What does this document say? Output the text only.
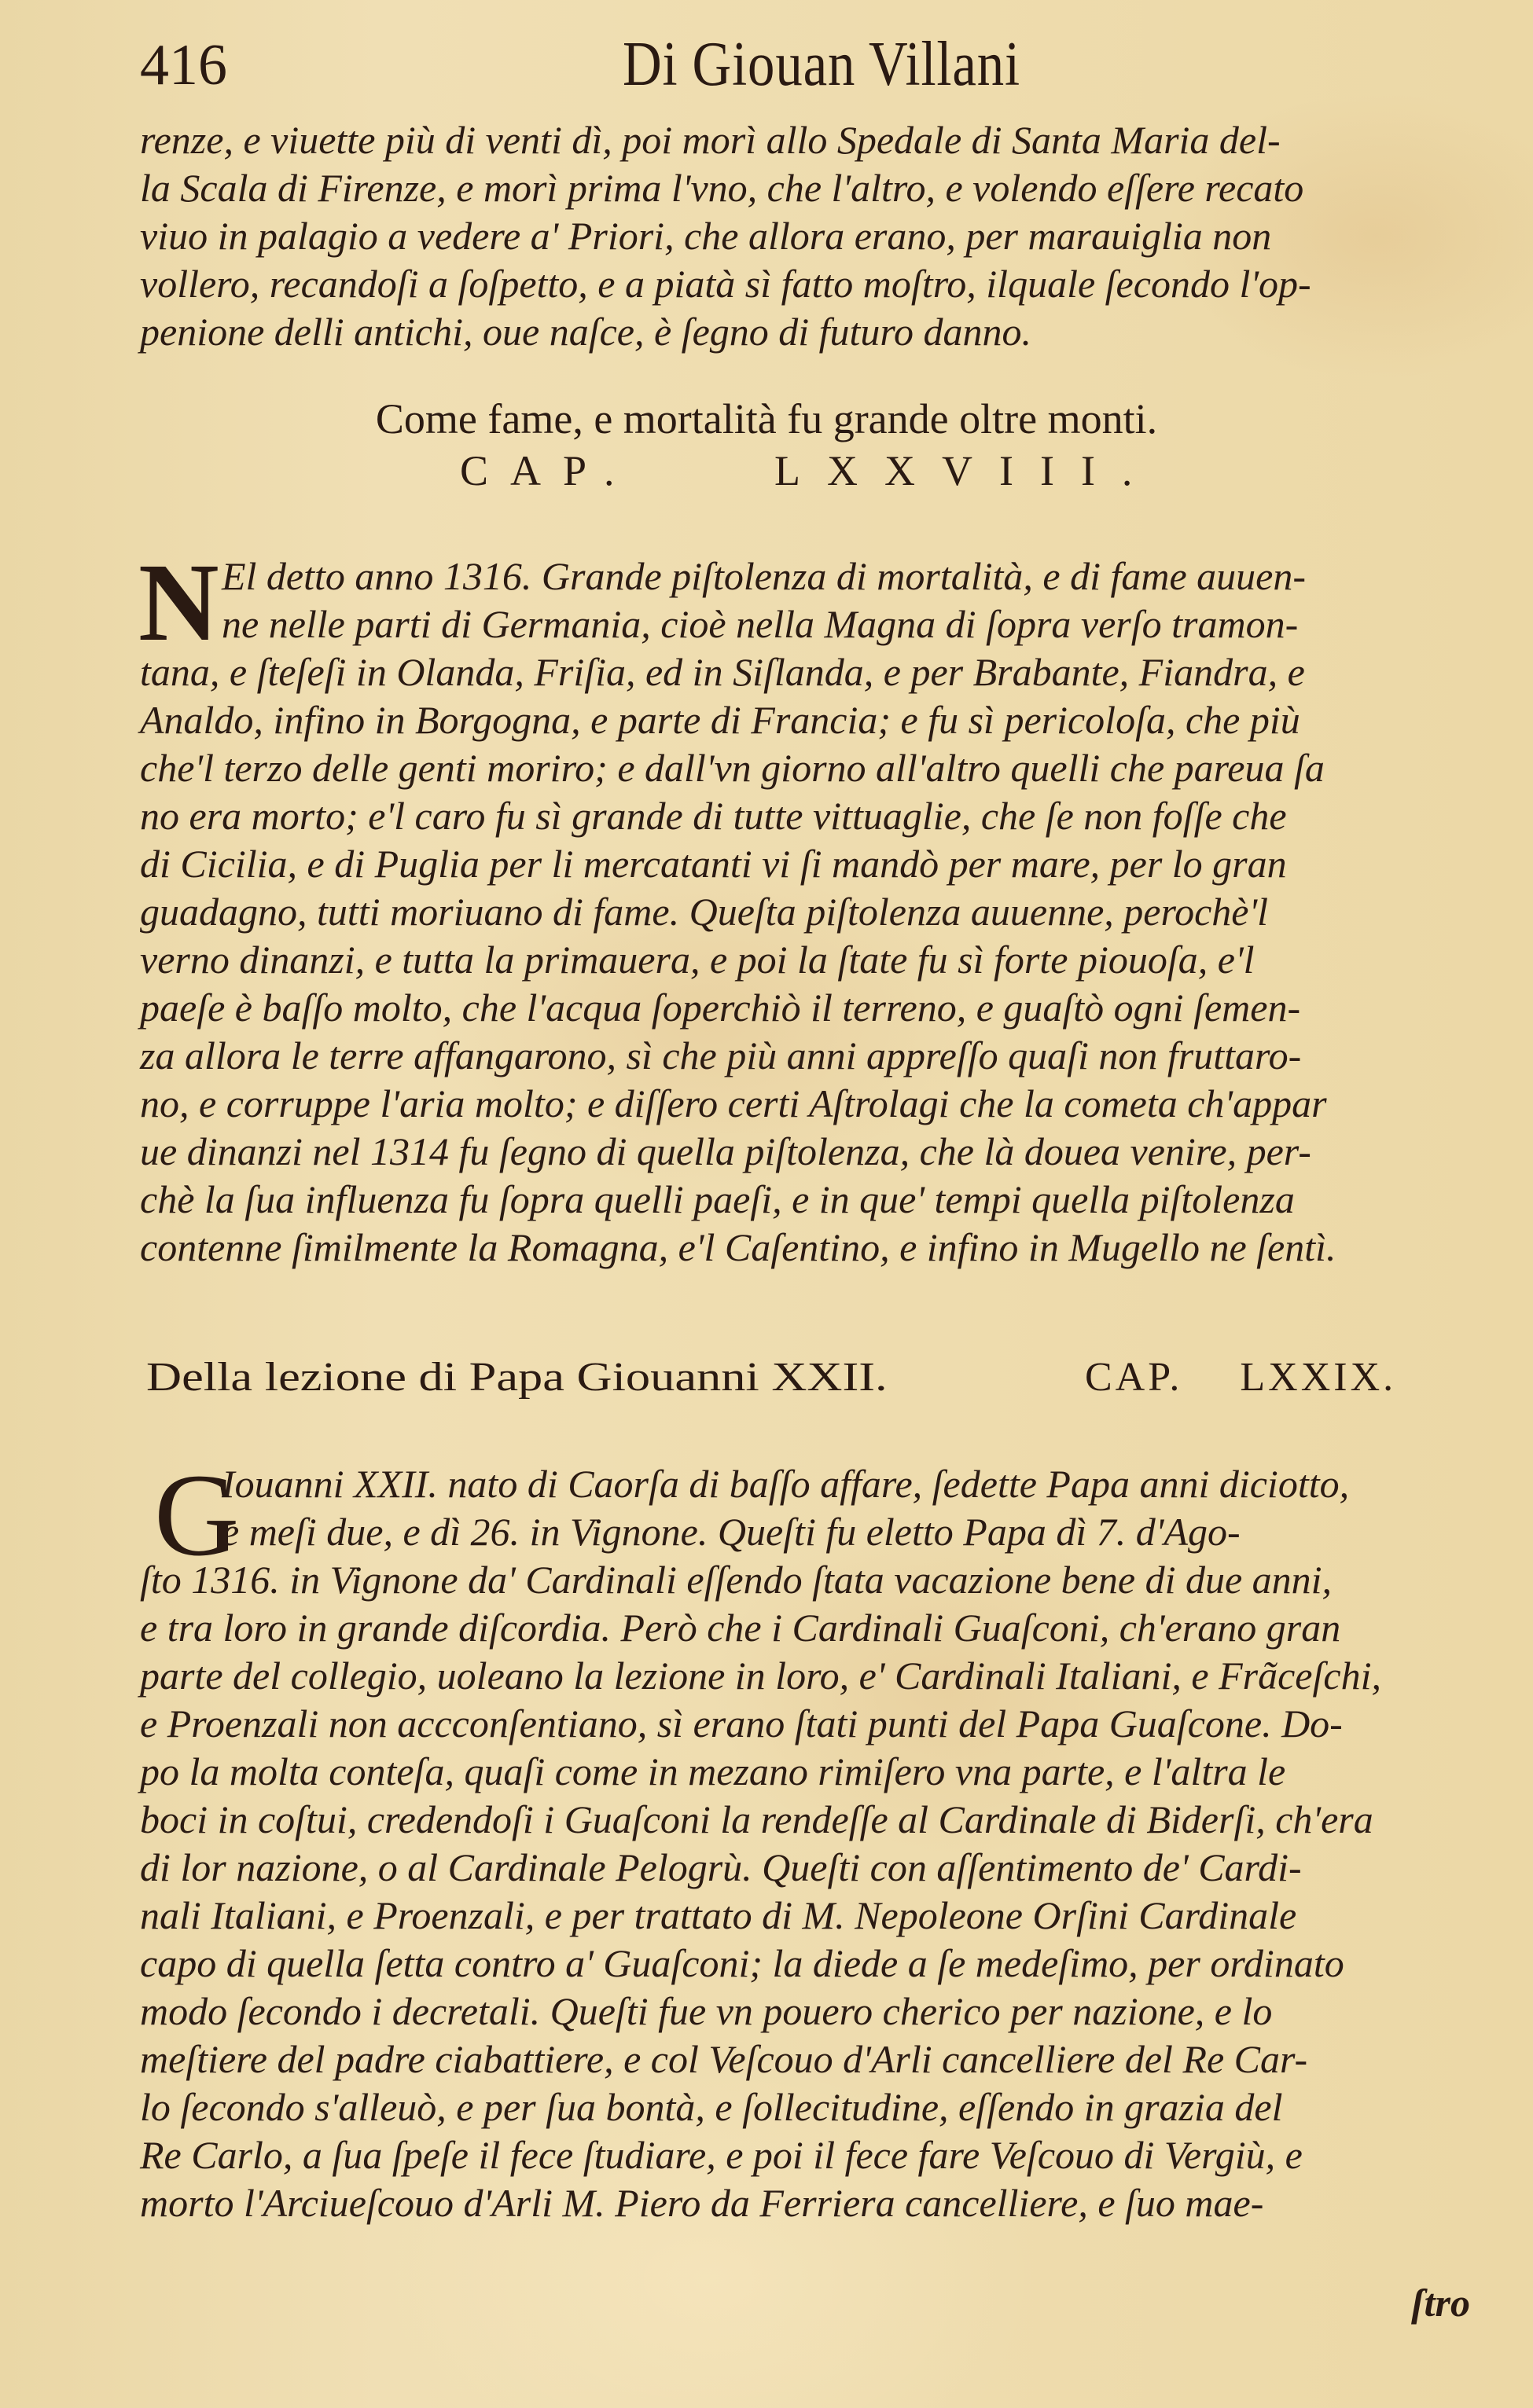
416	Di Giouan Villani
renze, e viuette più di venti dì, poi morì allo Spedale di Santa Maria del-
la Scala di Firenze, e morì prima l'vno, che l'altro, e volendo eſſere recato
viuo in palagio a vedere a' Priori, che allora erano, per marauiglia non
vollero, recandoſi a ſoſpetto, e a piatà sì fatto moſtro, ilquale ſecondo l'op-
penione delli antichi, oue naſce, è ſegno di futuro danno.
Come fame, e mortalità fu grande oltre monti.
CAP.	LXXVIII.
N El detto anno 1316. Grande piſtolenza di mortalità, e di fame auuen-
ne nelle parti di Germania, cioè nella Magna di ſopra verſo tramon-
tana, e ſteſeſi in Olanda, Friſia, ed in Siſlanda, e per Brabante, Fiandra, e
Analdo, infino in Borgogna, e parte di Francia; e fu sì pericoloſa, che più
che'l terzo delle genti moriro; e dall'vn giorno all'altro quelli che pareua ſa
no era morto; e'l caro fu sì grande di tutte vittuaglie, che ſe non foſſe che
di Cicilia, e di Puglia per li mercatanti vi ſi mandò per mare, per lo gran
guadagno, tutti moriuano di fame. Queſta piſtolenza auuenne, perochè'l
verno dinanzi, e tutta la primauera, e poi la ſtate fu sì forte piouoſa, e'l
paeſe è baſſo molto, che l'acqua ſoperchiò il terreno, e guaſtò ogni ſemen-
za allora le terre affangarono, sì che più anni appreſſo quaſi non fruttaro-
no, e corruppe l'aria molto; e diſſero certi Aſtrolagi che la cometa ch'appar
ue dinanzi nel 1314 fu ſegno di quella piſtolenza, che là douea venire, per-
chè la ſua influenza fu ſopra quelli paeſi, e in que' tempi quella piſtolenza
contenne ſimilmente la Romagna, e'l Caſentino, e infino in Mugello ne ſentì.
Della lezione di Papa Giouanni XXII.	CAP. LXXIX.
G
Iouanni XXII. nato di Caorſa di baſſo affare, ſedette Papa anni diciotto,
e meſi due, e dì 26. in Vignone. Queſti fu eletto Papa dì 7. d'Ago-
ſto 1316. in Vignone da' Cardinali eſſendo ſtata vacazione bene di due anni,
e tra loro in grande diſcordia. Però che i Cardinali Guaſconi, ch'erano gran
parte del collegio, uoleano la lezione in loro, e' Cardinali Italiani, e Frãceſchi,
e Proenzali non accconſentiano, sì erano ſtati punti del Papa Guaſcone. Do-
po la molta conteſa, quaſi come in mezano rimiſero vna parte, e l'altra le
boci in coſtui, credendoſi i Guaſconi la rendeſſe al Cardinale di Biderſi, ch'era
di lor nazione, o al Cardinale Pelogrù. Queſti con aſſentimento de' Cardi-
nali Italiani, e Proenzali, e per trattato di M. Nepoleone Orſini Cardinale
capo di quella ſetta contro a' Guaſconi; la diede a ſe medeſimo, per ordinato
modo ſecondo i decretali. Queſti fue vn pouero cherico per nazione, e lo
meſtiere del padre ciabattiere, e col Veſcouo d'Arli cancelliere del Re Car-
lo ſecondo s'alleuò, e per ſua bontà, e ſollecitudine, eſſendo in grazia del
Re Carlo, a ſua ſpeſe il fece ſtudiare, e poi il fece fare Veſcouo di Vergiù, e
morto l'Arciueſcouo d'Arli M. Piero da Ferriera cancelliere, e ſuo mae-
ſtro
